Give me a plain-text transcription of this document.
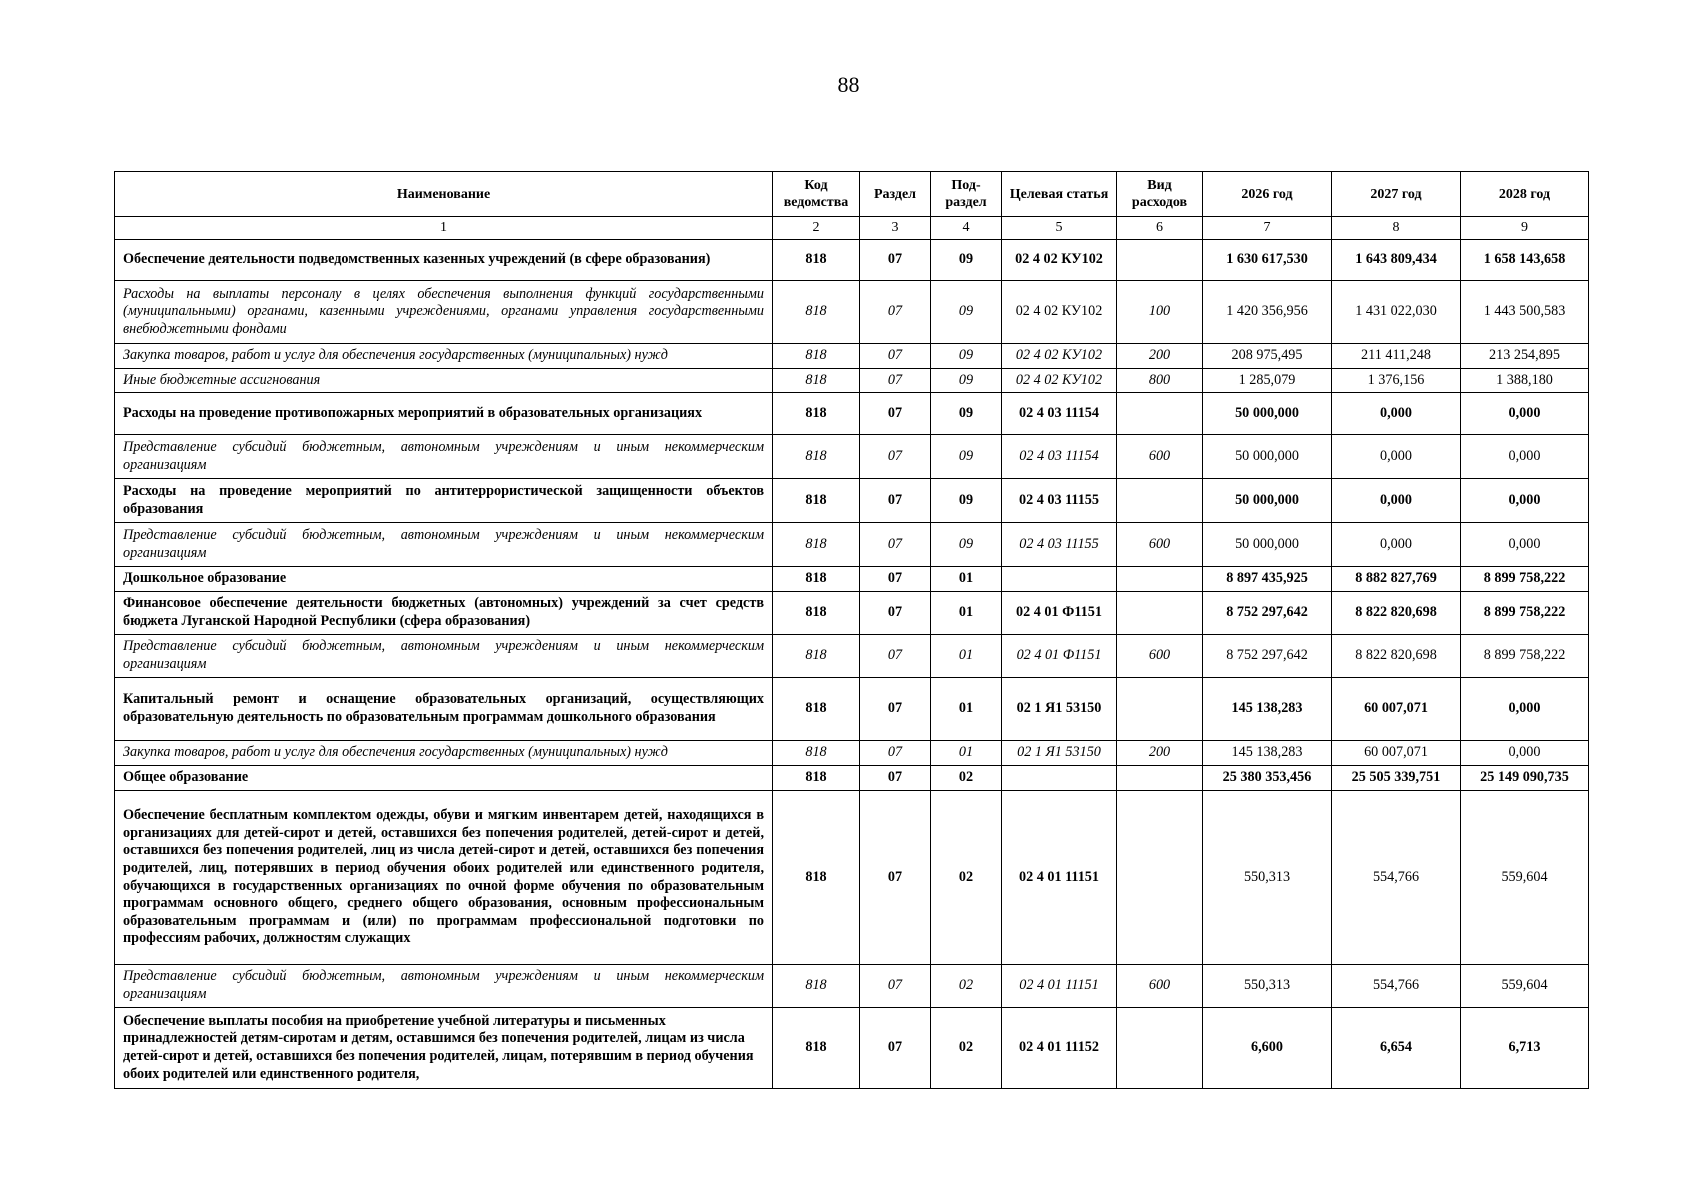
88
Наименование	Код ведомства	Раздел	Под-раздел	Целевая статья	Вид расходов	2026 год	2027 год	2028 год
1	2	3	4	5	6	7	8	9
Обеспечение деятельности подведомственных казенных учреждений (в сфере образования)	818	07	09	02 4 02 КУ102		1 630 617,530	1 643 809,434	1 658 143,658
Расходы на выплаты персоналу в целях обеспечения выполнения функций государственными (муниципальными) органами, казенными учреждениями, органами управления государственными внебюджетными фондами	818	07	09	02 4 02 КУ102	100	1 420 356,956	1 431 022,030	1 443 500,583
Закупка товаров, работ и услуг для обеспечения государственных (муниципальных) нужд	818	07	09	02 4 02 КУ102	200	208 975,495	211 411,248	213 254,895
Иные бюджетные ассигнования	818	07	09	02 4 02 КУ102	800	1 285,079	1 376,156	1 388,180
Расходы на проведение противопожарных мероприятий в образовательных организациях	818	07	09	02 4 03 11154		50 000,000	0,000	0,000
Представление субсидий бюджетным, автономным учреждениям и иным некоммерческим организациям	818	07	09	02 4 03 11154	600	50 000,000	0,000	0,000
Расходы на проведение мероприятий по антитеррористической защищенности объектов образования	818	07	09	02 4 03 11155		50 000,000	0,000	0,000
Представление субсидий бюджетным, автономным учреждениям и иным некоммерческим организациям	818	07	09	02 4 03 11155	600	50 000,000	0,000	0,000
Дошкольное образование	818	07	01			8 897 435,925	8 882 827,769	8 899 758,222
Финансовое обеспечение деятельности бюджетных (автономных) учреждений за счет средств бюджета Луганской Народной Республики (сфера образования)	818	07	01	02 4 01 Ф1151		8 752 297,642	8 822 820,698	8 899 758,222
Представление субсидий бюджетным, автономным учреждениям и иным некоммерческим организациям	818	07	01	02 4 01 Ф1151	600	8 752 297,642	8 822 820,698	8 899 758,222
Капитальный ремонт и оснащение образовательных организаций, осуществляющих образовательную деятельность по образовательным программам дошкольного образования	818	07	01	02 1 Я1 53150		145 138,283	60 007,071	0,000
Закупка товаров, работ и услуг для обеспечения государственных (муниципальных) нужд	818	07	01	02 1 Я1 53150	200	145 138,283	60 007,071	0,000
Общее образование	818	07	02			25 380 353,456	25 505 339,751	25 149 090,735
Обеспечение бесплатным комплектом одежды, обуви и мягким инвентарем детей, находящихся в организациях для детей-сирот и детей, оставшихся без попечения родителей, детей-сирот и детей, оставшихся без попечения родителей, лиц из числа детей-сирот и детей, оставшихся без попечения родителей, лиц, потерявших в период обучения обоих родителей или единственного родителя, обучающихся в государственных организациях по очной форме обучения по образовательным программам основного общего, среднего общего образования, основным профессиональным образовательным программам и (или) по программам профессиональной подготовки по профессиям рабочих, должностям служащих	818	07	02	02 4 01 11151		550,313	554,766	559,604
Представление субсидий бюджетным, автономным учреждениям и иным некоммерческим организациям	818	07	02	02 4 01 11151	600	550,313	554,766	559,604
Обеспечение выплаты пособия на приобретение учебной литературы и письменных принадлежностей детям-сиротам и детям, оставшимся без попечения родителей, лицам из числа детей-сирот и детей, оставшихся без попечения родителей, лицам, потерявшим в период обучения обоих родителей или единственного родителя,	818	07	02	02 4 01 11152		6,600	6,654	6,713
